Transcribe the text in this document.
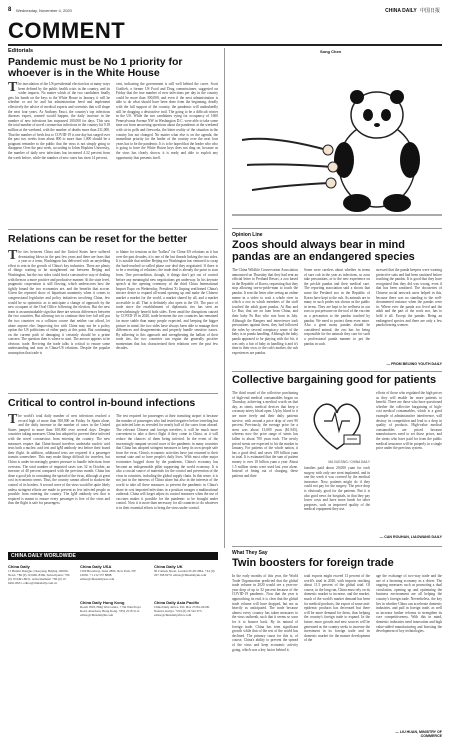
8 Wednesday, November 4, 2020	CHINA DAILY 中国日报
COMMENT
Editorials
Pandemic must be No 1 priority for whoever is in the White House
The inoculation of the US presidential election has at many ways been defined by the public health crisis in the country, and its wider impacts. No matter which of the two candidates finally gets his hands on the keys to the White House in January, it will be whether or not he and his administration heed and implement effectively the advice of medical experts and scientists that will shape the next four years. As Anthony Fauci, the country's top infectious diseases expert, warned would happen, the daily increase in the number of new infections has surpassed 100,000 for days. This saw the total number of novel coronavirus infections in the country hit 9.18 million at the weekend, with the number of deaths more than 231,000. That the number of fresh loss to COVID-19 is one day has surged over the past two weeks from about 800 to more than 1,000 should be a poignant reminder to the public that the virus is not simply going to disappear. Over the past week, according to Johns Hopkins University, the number of daily new infections has increased 4.32 percent from the week before, while the number of new cases has risen 14 percent,
cent, indicating the government is still well behind the curve. Scott Gottlieb, a former US Food and Drug commissioner, suggested on Friday that the true number of new infections per day in the country could be more than 300,000, and even if the next administration is able to do what should have been done from the beginning, deadly with the full support of the country, the pandemic will undoubtedly still be dragging a destructive trail. The going to be a difficult winter in the US. While the two candidates vying for occupancy of 1600 Pennsylvania Avenue NW in Washington D.C. were able to take some time out from answering questions about the pandemic at the weekend with sit-in polls and fireworks, the bitter reality of the situation in the country has not changed. No matter what else is on the agenda, the immediate priority for the leader of the country over the next four years has to be the pandemic. It is to be hoped that the leader who who is going to have the White House keys does not drag on, because as the virus has clearly shown, it is ready and able to exploit any opportunity that presents itself.
Relations can be reset for the better
The ties between China and the United States have suffered devastating blows in the past few years and there are fears that a year or a term, Washington has delivered with an unyielding effort to rein in the growth of China's key industries. There are plenty of things waiting to be straightened out between Beijing and Washington, but the two sides could find a constructive way of dealing with them in a more positive and productive manner. At the state level, pragmatic cooperation is still flowing, which underscores how the tightly bound the two economies are, and the benefits that accrue. Given the repeated show of bipartisan unanimity when it comes to congressional legislative and policy initiatives involving China, few would be so optimistic as to anticipate a change of approach by the new occupant of the Oval Office following the election. But the new team is an unmistakable sign that there are serious differences between the two countries. But allowing two to continue their free fall will put the two countries on a collision course that neither can afford, let alone anyone else. Improving ties with China may not be a policy option the US politicians of either party at this point. But continuing on the current path of damaging it certainly should be a prime concern. The question then is where to start. The answer appears to be obvious: trade. Reviving the trade talks is critical to ensure some understanding and trust in China-US relations. Despite the popular assumption that trade is
to blame for tensions as the "ballast" for China-US relations as it has over the past decades, it is one of the last threads linking the two sides. It is notable that neither Beijing nor Washington has ventured to scrap the hard-reached so-called phase one deal they negotiated. If there is to be a resetting of relations, the trade deal is already the point to start from. One precondition, though, is things don't get out of control before any meaningful new negotiations get underway. In his keynote speech at the opening ceremony of the third China International Import Expo on Wednesday, President Xi Jinping reaffirmed China's sincere desire to expand all-round opening up and make the Chinese market a market for the world, a market shared by all, and a market accessible to all. That is definitely also open to the US. The pace of trade since the establishment of diplomatic ties has seen an overwhelmingly benefit both sides. Even amid the disruptions caused by COVID-19 in 2020, trade between the two countries has remained far more stable than many people expected, and keeping the bigger picture in mind, the two sides have always been able to manage their differences and disagreements and properly handle sensitive issues. By adhering to this approach and strengthening the ballast of their trade ties, the two countries can regain the generally positive momentum that has characterized their relations over the past few decades.
Critical to control in-bound infections
The world's total daily number of new infections reached a record high of more than 500,000 on Friday. In Spain alone, and the daily increase in the number of cases in the United States jumped to more than 100,000 over several days. Despite countries taking measures China has adopted to prevent these infected with the novel coronavirus from entering the country. The new measures require that China-bound travelers undertake nucleic acid tests both a nucleic acid test and IgM antibody test before their board their flight. In addition, additional tests are required if a passenger transits somewhere. This may make things difficult for travelers, but China is under increasingly greater pressure to handle infections from overseas. The total number of imported cases was 32 in October, an increase of 40 percent compared with the previous month. China has done a good job in containing the spread of the virus, although at great cost in economic terms. Thus, the country cannot afford to slacken the control of its borders. A second wave of the virus would be quite likely unless stringent efforts are made to prevent as few infected people as possible from entering the country. The IgM antibody test that is required is meant to ensure every passenger is free of the virus and thus the flight is safe for passengers.
The test required for passengers at their transiting airport is because the number of passengers who had tested negative before traveling but got infected later as revealed for nearly half of the cases from abroad. The relevant Chinese and foreign travelers, it will be much more convenient to take a direct flight if they come to China, as it will reduce the chances of them being infected. In the event of the increasingly rampant second wave of the pandemic in many countries that China has adopted stringent measures to keep its own people safe from the virus. China's economic activities have just returned to their normal state and so have people's daily lives. With most other major economies bogged down by the pandemic, China's economy has become an indispensable pillar supporting the world economy. It is also a crucial source of materials for the control and prevention of the virus in countries, including the global supply chain. In this sense, it is not just in the interests of China alone but also in the interests of the world to take all these measures to prevent the pandemic in China's share in cost imported infections in a position ravages a multinational outbreak. China will forget adjust its control measures when the use of vaccines makes it possible for the pandemic to be brought under control. Now it is more than necessary for all countries to do whatever is in their essential efforts to bring the virus under control.
Song Chen
Opinion Line
Zoos should always bear in mind pandas are an endangered species
The China Wildlife Conservation Association announced on Thursday that they had sent an official letter to Pertland Resort, a zoo based in the Republic of Korea, requesting that they stop allowing sea-to-pride-man to touch the pandas. It sent the letter after seeing an online meme in a video to wait a whole river in which a zoo in which members of the staff touched the adult giant pandas, Ai Bao and Le Bao, that are on loan from China, and their baby Fu Bao who was born in July. Although the Rangers and interviewer took precautions against them, they had followed the rules by several conspiracy sense of the baby is in panda handling. Although the baby panda appeared to be playing with the bit, it was only a fair of baby in handling it and it's time to their own, to the cub's mother, the cub experiences are pandas.
Some were careless about whether in terms of sure cub in the year as infections, so zoos take precautions, or to the new experience on the prickle pandas and their medical care. The reporting association said a shoots that some the Pertland zoo in the Republic of Korea have kept to the cub. As animals are in many in such prides not shown as the public in terms. They are kept to be wellness in our zoos to put pressure on the tool of the vaccine as a precaution to the pandas touched by pandas. We need to protect them even more. Also a great many pandas should be considered animal, the zoo has for being responsible for the animals they care for such a professional panda manner to pet the pandas in such.
stressed that the panda keepers were wearing protective suits and had been sanitized before touching the pandas. It is good that they have recognized that they did was wrong, even if that has been sanitized. The docuseries of Chinese social network users helped in this, because there was no standing to the well-documented instance when the pandas were in. Where ever the panda zoo lived and the adult and the part of the work zoo, has to hold it all. Except the pandas. Being an endangered species and there are only a few panda bearing women.
— FROM BEIJING YOUTH DAILY
Collective bargaining good for patients
The third round of the collective purchasing of high-end medical consumables began on Thursday, achieving a medical worth on that day, as stents, medical devices that keep a coronary artery blood open. Up by blood to it are more freely and their daily patients survive, with around a price drop of over 90 percent. Previously, the average price for a stent was about 13,000 yuan ($1,945), whereas now the price range of stents has fallen to about 700 yuan each. The newly priced stents are expected to hit the market in January. For patients of the whole nation, it has a good deal, and saves 109 billion yuan in total. It is estimated that the sum of patient money is over 10 billion yuan a year. About 1.5 million stents were used last year alone. Instead of fining out of charging, these patients and their
MA XUEJING / CHINA DAILY
families paid about 20,000 yuan for each surgery with only one stent implanted, and in one the week it was covered by the medical insurance. Now, patients might do if they could not pay for the surgery. The price drop is obviously good for the patients. But it is also good news for hospitals, in that they pay lower costs and have more funds for other purposes, such as improved quality of the medical equipment they use.
efforts of those who regulated the high prices as they will enable far more patients to benefit. There are those who have questioned whether the collective bargaining of high-cost medical consumables, which is a good example of administrative interference, will destroy its competition and lead to a drop in quality of products. High-value medical consumables are priced because manufacturers need to set those prices, and the stents who have paid for from the public medical insurance will be properly in a single price under the previous system.
— CAN ROUHAN, LIAOWANG DAILY
What They Say
Twin boosters for foreign trade
In the early months of this year, the World Trade Organization predicted that the global trade volume in 2020 would see a year-on-year drop of up to 32 percent because of the COVID-19 pandemic. Now that the year is approaching its end, it is clear that the global trade volume will have dropped, but not as heavily as anticipated. The trade because almost every country has taken measures to the virus outbreak, such that it seems so soon for it to bounce back. By its natural of foreign trade, China has seen significant growth while that of the rest of the world has declined. The primary cause for this is, of course, China's ability to prevent the spread of the virus and keep economic activity going, which was a key factor behind it.
total exports might exceed 13 percent of the world's total in 2020, with imports reaching about 11.5 percent of the global total. Of course, in the long run, China must rely on its domestic market to increase, and the market, much of the world's market demand has been for medical products, the export of some anti-epidemic products has decreased but there will be more demand for them, thus helping the country's foreign trade to expand. In the future, more growth and new sources will be generated as the country seeks to increase the investment in its foreign trade and its domestic market for the mature development of the
age the exchange of two-way trade and the use of a booming economy as a driver. The ongoing measures such as promoting a dual circulation, opening up and optimizing the business environment are all helping the country's foreign trade. Nevertheless, the key lies in whether China can accelerate domestic industries, and pull in foreign trade, as well as increase further reforms to strengthen its core competitiveness. With this in mind, domestic industries need innovation and high value-added manufacturing and boosting the development of key technologies.
— LIU HUAN, MINISTRY OF COMMERCE
CHINA DAILY WORLDWIDE
China Daily
15 Huixin Dongjie, Chaoyang, Beijing 100029. News: +86 (0) 10 6491-8366. Subscription: +86 (0) 10 6491-8631. Advertisement: +86 (0) 10 6491-8631. editor@chinadaily.com.cn
China Daily USA
1500 Broadway, Suite 2800, New York, NY 10036. +1 212 537 8888. editor@chinadailyusa.com
China Daily Hong Kong
Room 1818, Hing Wai Centre, 7 Tin Wan Praya Road, Aberdeen, Hong Kong. +852 2518 5111. editor@chinadailyhk.com
China Daily UK
90 Cannon Street, London EC4N 6HA. +44 (0) 207 398 8270. editor@chinadailyuk.com
China Daily Asia Pacific
China Daily Africa. P.O. Box 27281-00100, Nairobi, Kenya. +254 (0) 20 522 675. editor@chinadailyafrica.com
